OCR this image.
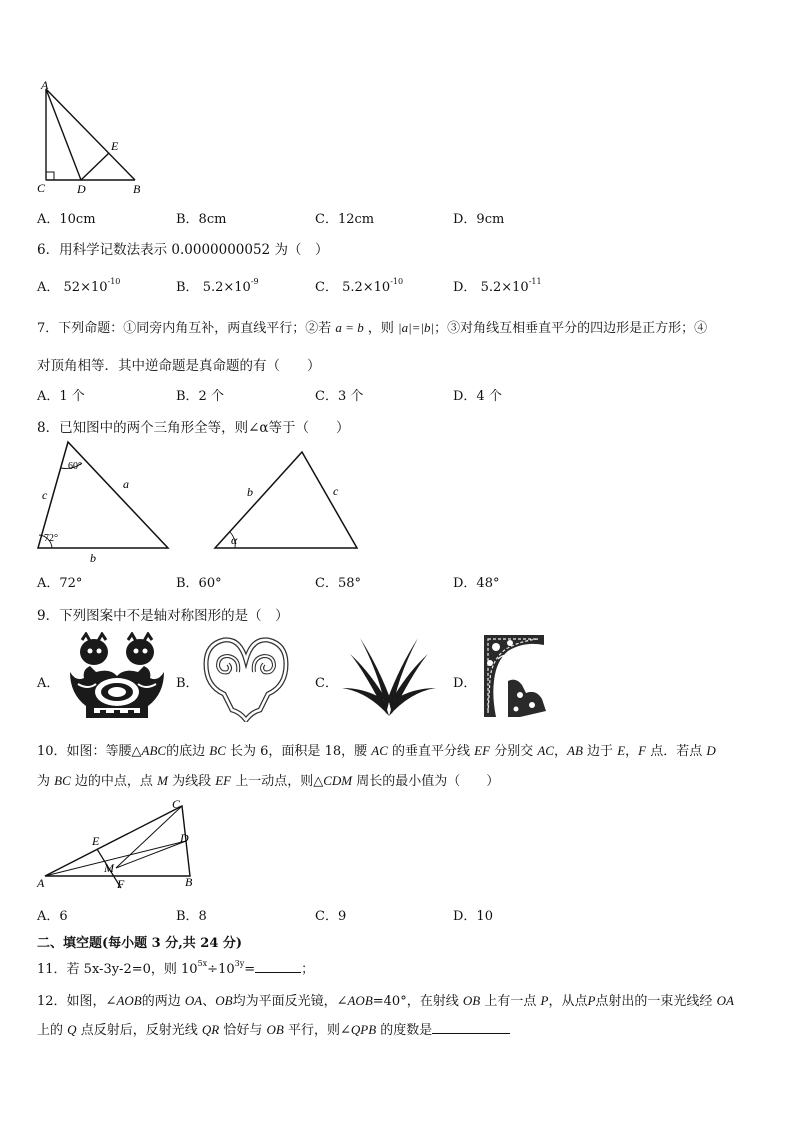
A
E
C	D	B
A．10cm	B．8cm	C．12cm	D．9cm
6．用科学记数法表示 0.0000000052 为（　）
A． $52\times 10^{-10}$	B． $5.2\times 10^{-9}$	C． $5.2\times 10^{-10}$	D． $5.2\times 10^{-11}$
7．下列命题：①同旁内角互补，两直线平行；②若 a = b ，则 |a|=|b|；③对角线互相垂直平分的四边形是正方形；④
对顶角相等．其中逆命题是真命题的有（　　）
A．1 个	B．2 个	C．3 个	D．4 个
8．已知图中的两个三角形全等，则∠α等于（　　）
60°
72°
c
a
b
b	c
α
A．72°	B．60°	C．58°	D．48°
9．下列图案中不是轴对称图形的是（　）
A．	B．	C．	D．
10．如图：等腰△ABC的底边 BC 长为 6，面积是 18，腰 AC 的垂直平分线 EF 分别交 AC，AB 边于 E，F 点．若点 D
为 BC 边的中点，点 M 为线段 EF 上一动点，则△CDM 周长的最小值为（　　）
C
E	D
M
A	F	B
A．6	B．8	C．9	D．10
二、填空题(每小题 3 分,共 24 分)
11．若 5x-3y-2=0，则 $10^{5x}\div 10^{3y}=$	；
12．如图，∠AOB的两边 OA、OB均为平面反光镜，∠AOB=40°，在射线 OB 上有一点 P，从点P点射出的一束光线经 OA
上的 Q 点反射后，反射光线 QR 恰好与 OB 平行，则∠QPB 的度数是
